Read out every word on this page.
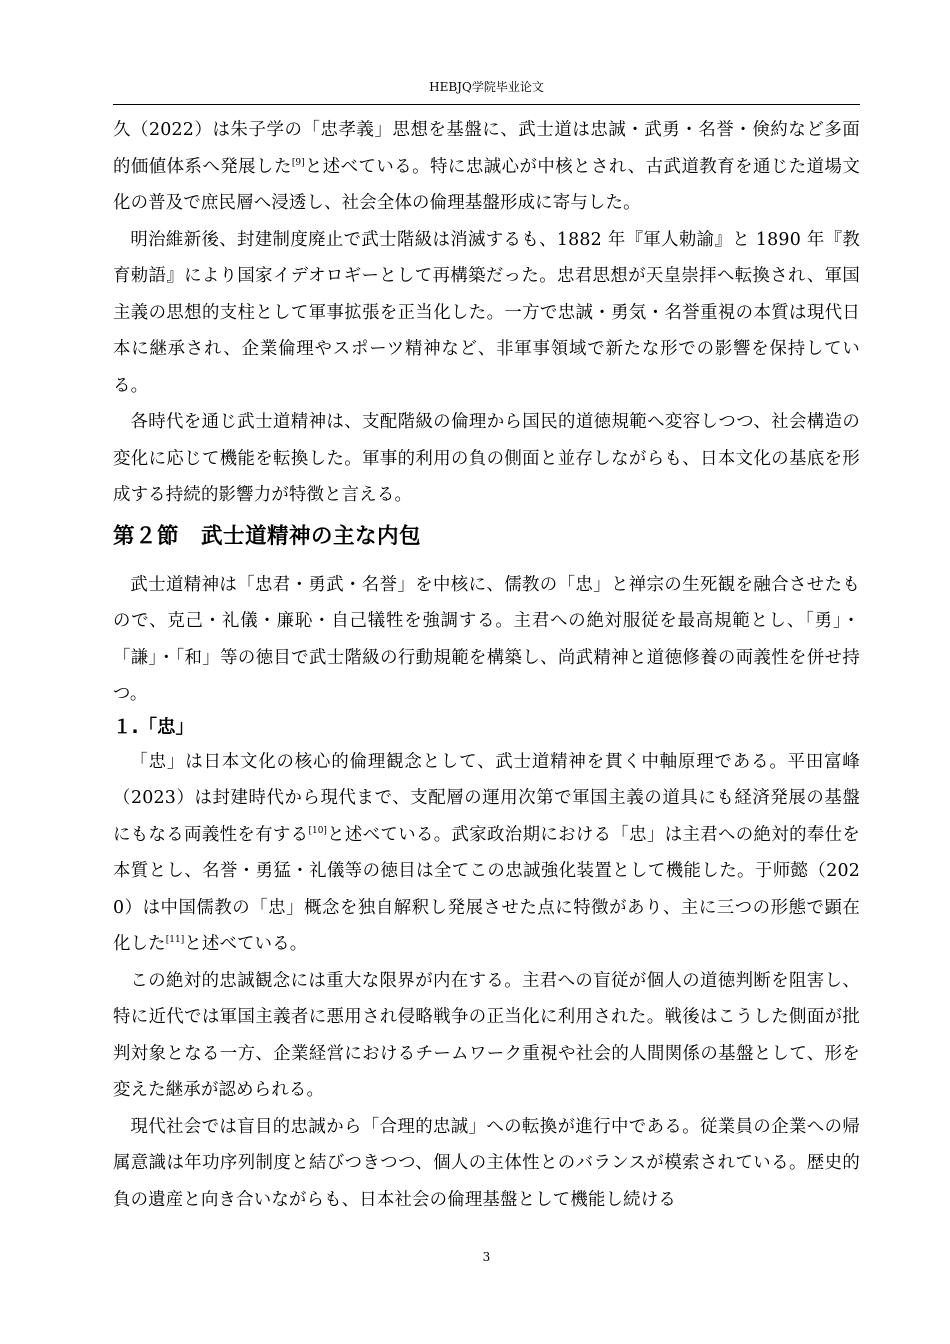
HEBJQ学院毕业论文

久（2022）は朱子学の「忠孝義」思想を基盤に、武士道は忠誠・武勇・名誉・倹約など多面的価値体系へ発展した[9]と述べている。特に忠誠心が中核とされ、古武道教育を通じた道場文化の普及で庶民層へ浸透し、社会全体の倫理基盤形成に寄与した。

明治維新後、封建制度廃止で武士階級は消滅するも、1882 年『軍人勅諭』と 1890 年『教育勅語』により国家イデオロギーとして再構築だった。忠君思想が天皇崇拝へ転換され、軍国主義の思想的支柱として軍事拡張を正当化した。一方で忠誠・勇気・名誉重視の本質は現代日本に継承され、企業倫理やスポーツ精神など、非軍事領域で新たな形での影響を保持している。

各時代を通じ武士道精神は、支配階級の倫理から国民的道徳規範へ変容しつつ、社会構造の変化に応じて機能を転換した。軍事的利用の負の側面と並存しながらも、日本文化の基底を形成する持続的影響力が特徴と言える。

第２節　武士道精神の主な内包

武士道精神は「忠君・勇武・名誉」を中核に、儒教の「忠」と禅宗の生死観を融合させたもので、克己・礼儀・廉恥・自己犠牲を強調する。主君への絶対服従を最高規範とし、「勇」・「謙」・「和」等の徳目で武士階級の行動規範を構築し、尚武精神と道徳修養の両義性を併せ持つ。

１.「忠」

「忠」は日本文化の核心的倫理観念として、武士道精神を貫く中軸原理である。平田富峰（2023）は封建時代から現代まで、支配層の運用次第で軍国主義の道具にも経済発展の基盤にもなる両義性を有する[10]と述べている。武家政治期における「忠」は主君への絶対的奉仕を本質とし、名誉・勇猛・礼儀等の徳目は全てこの忠誠強化装置として機能した。于师懿（2020）は中国儒教の「忠」概念を独自解釈し発展させた点に特徴があり、主に三つの形態で顕在化した[11]と述べている。

この絶対的忠誠観念には重大な限界が内在する。主君への盲従が個人の道徳判断を阻害し、特に近代では軍国主義者に悪用され侵略戦争の正当化に利用された。戦後はこうした側面が批判対象となる一方、企業経営におけるチームワーク重視や社会的人間関係の基盤として、形を変えた継承が認められる。

現代社会では盲目的忠誠から「合理的忠誠」への転換が進行中である。従業員の企業への帰属意識は年功序列制度と結びつきつつ、個人の主体性とのバランスが模索されている。歴史的負の遺産と向き合いながらも、日本社会の倫理基盤として機能し続ける

3
